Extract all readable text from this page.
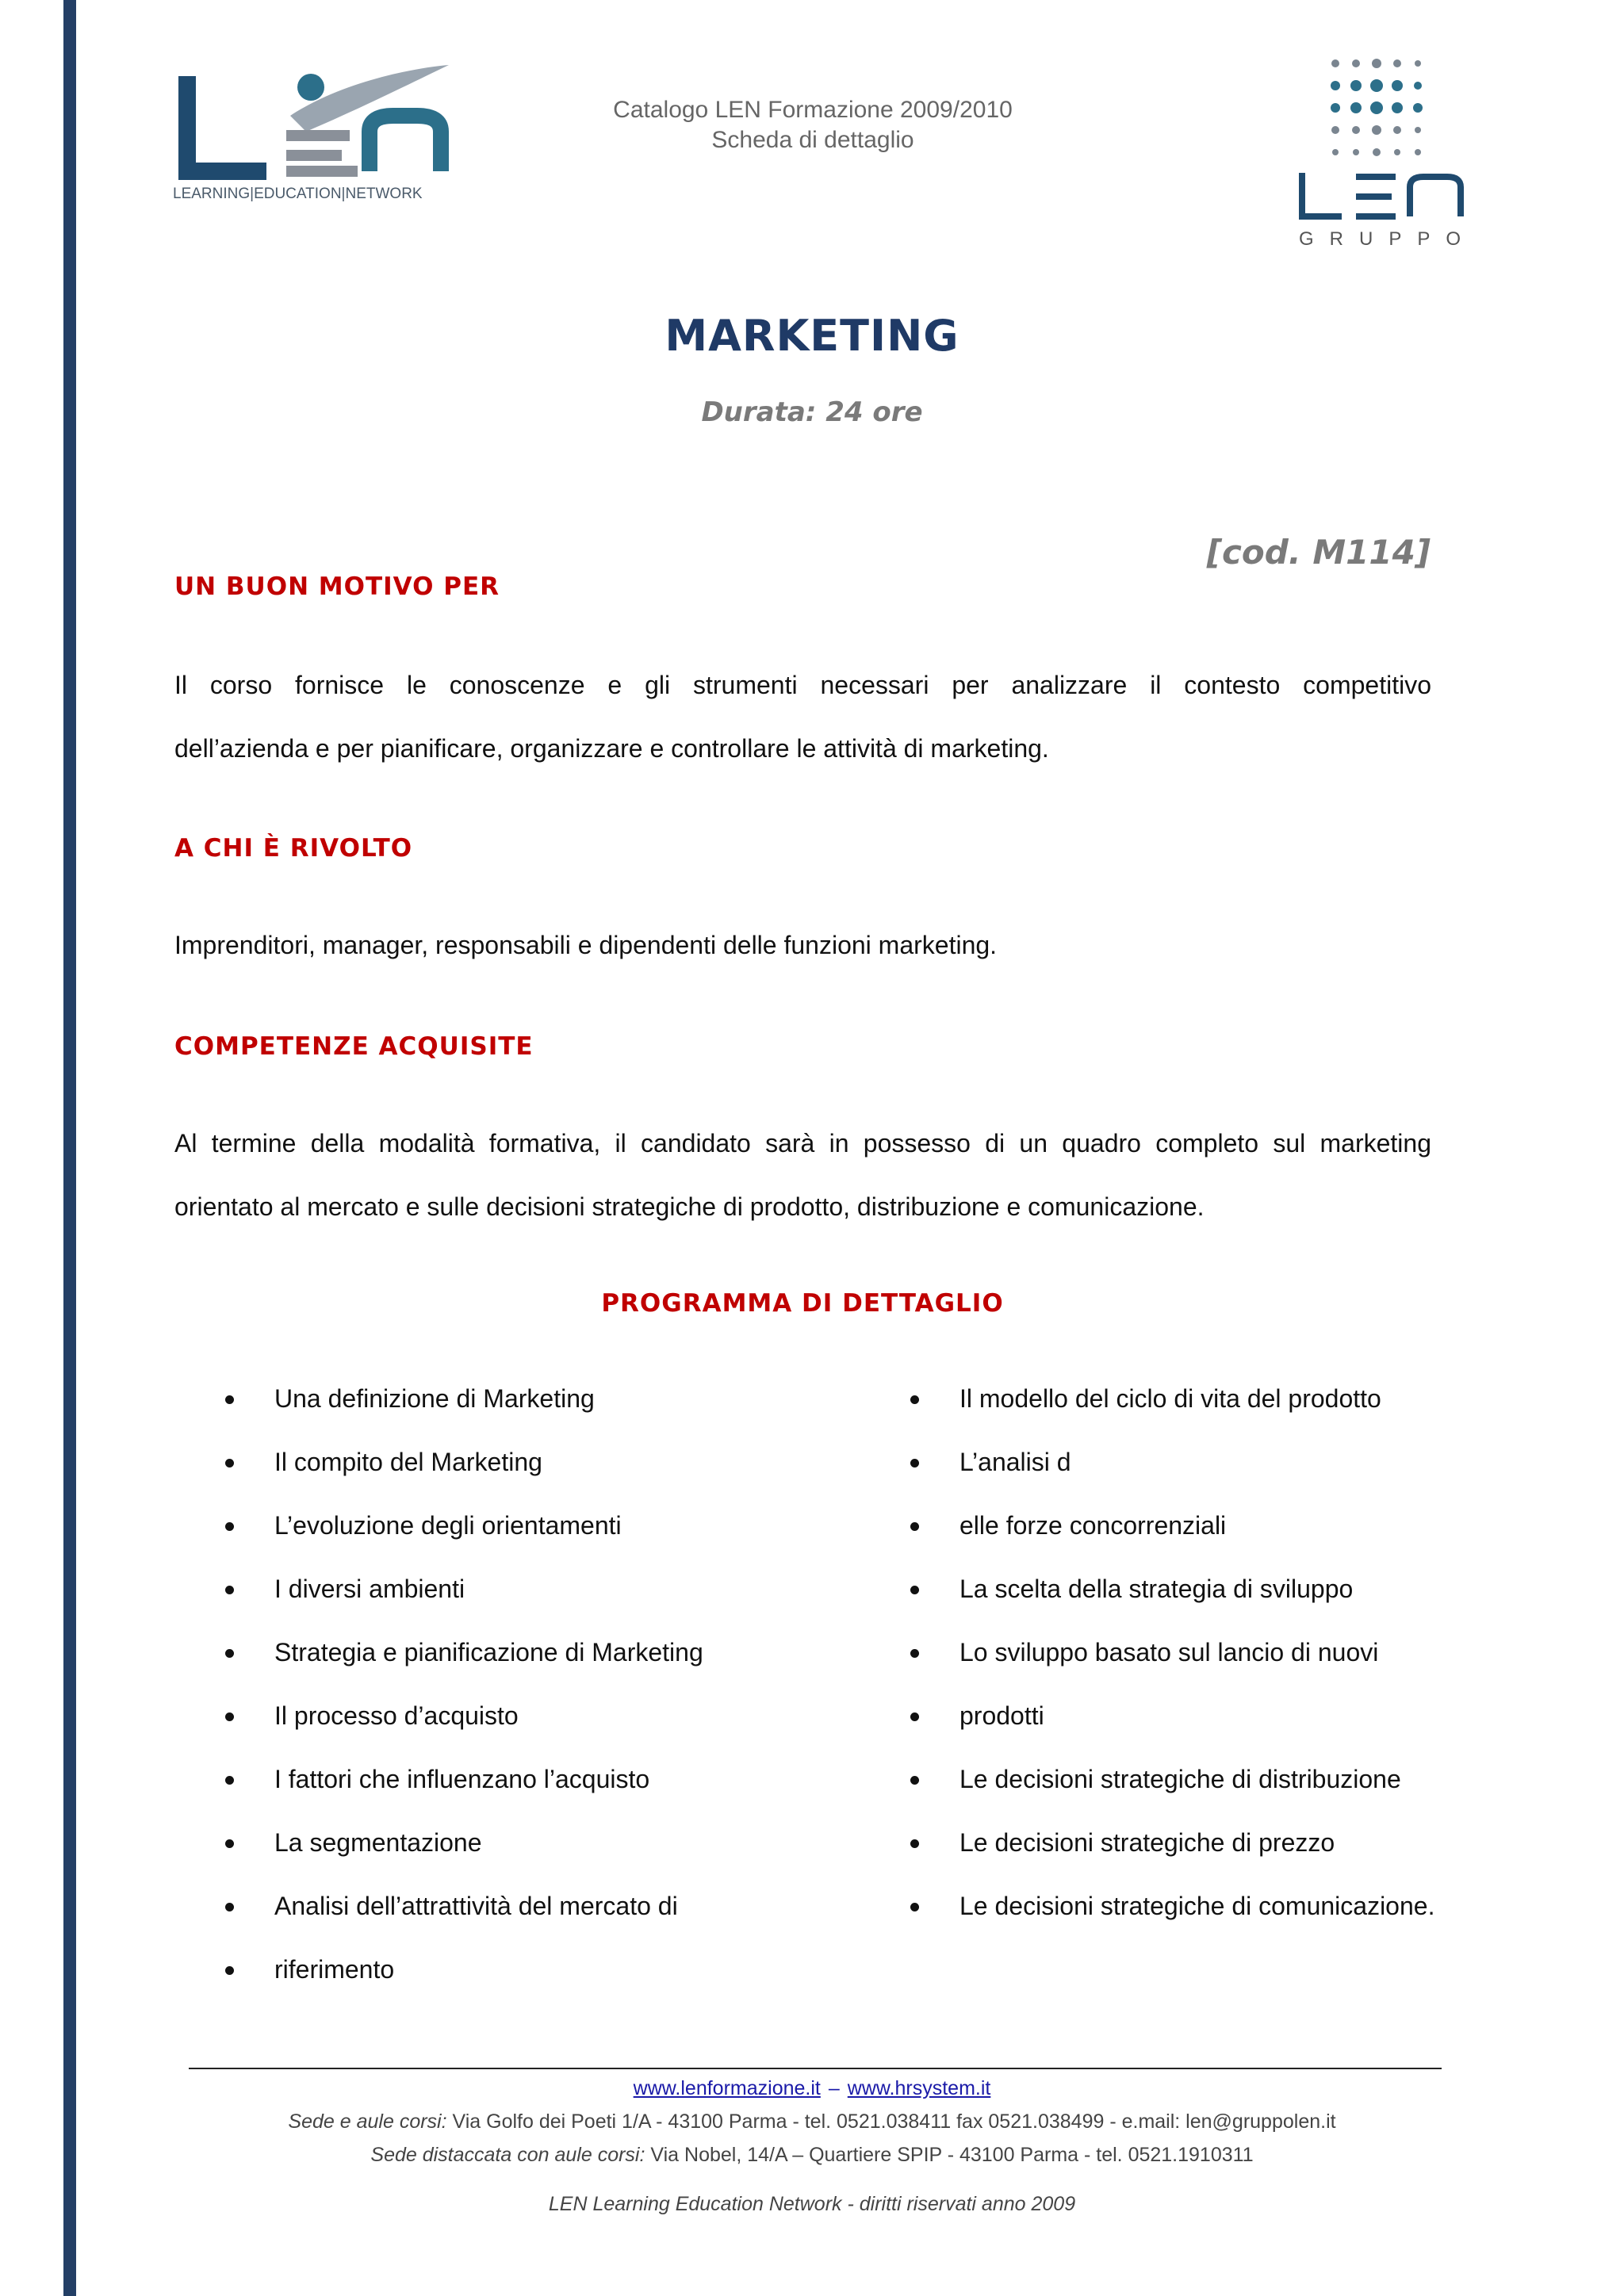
LEN
LEARNING|EDUCATION|NETWORK
Catalogo LEN Formazione 2009/2010
Scheda di dettaglio
GRUPPO
MARKETING
Durata: 24 ore
[cod. M114]
UN BUON MOTIVO PER
Il corso fornisce le conoscenze e gli strumenti necessari per analizzare il contesto competitivo
dell’azienda e per pianificare, organizzare e controllare le attività di marketing.
A CHI È RIVOLTO
Imprenditori, manager, responsabili e dipendenti delle funzioni marketing.
COMPETENZE ACQUISITE
Al termine della modalità formativa, il candidato sarà in possesso di un quadro completo sul marketing
orientato al mercato e sulle decisioni strategiche di prodotto, distribuzione e comunicazione.
PROGRAMMA DI DETTAGLIO
Una definizione di Marketing
Il compito del Marketing
L’evoluzione degli orientamenti
I diversi ambienti
Strategia e pianificazione di Marketing
Il processo d’acquisto
I fattori che influenzano l’acquisto
La segmentazione
Analisi dell’attrattività del mercato di
riferimento
Il modello del ciclo di vita del prodotto
L’analisi d
elle forze concorrenziali
La scelta della strategia di sviluppo
Lo sviluppo basato sul lancio di nuovi
prodotti
Le decisioni strategiche di distribuzione
Le decisioni strategiche di prezzo
Le decisioni strategiche di comunicazione.
www.lenformazione.it – www.hrsystem.it
Sede e aule corsi: Via Golfo dei Poeti 1/A - 43100 Parma - tel. 0521.038411 fax 0521.038499 - e.mail: len@gruppolen.it
Sede distaccata con aule corsi: Via Nobel, 14/A – Quartiere SPIP - 43100 Parma - tel. 0521.1910311
LEN Learning Education Network - diritti riservati anno 2009
